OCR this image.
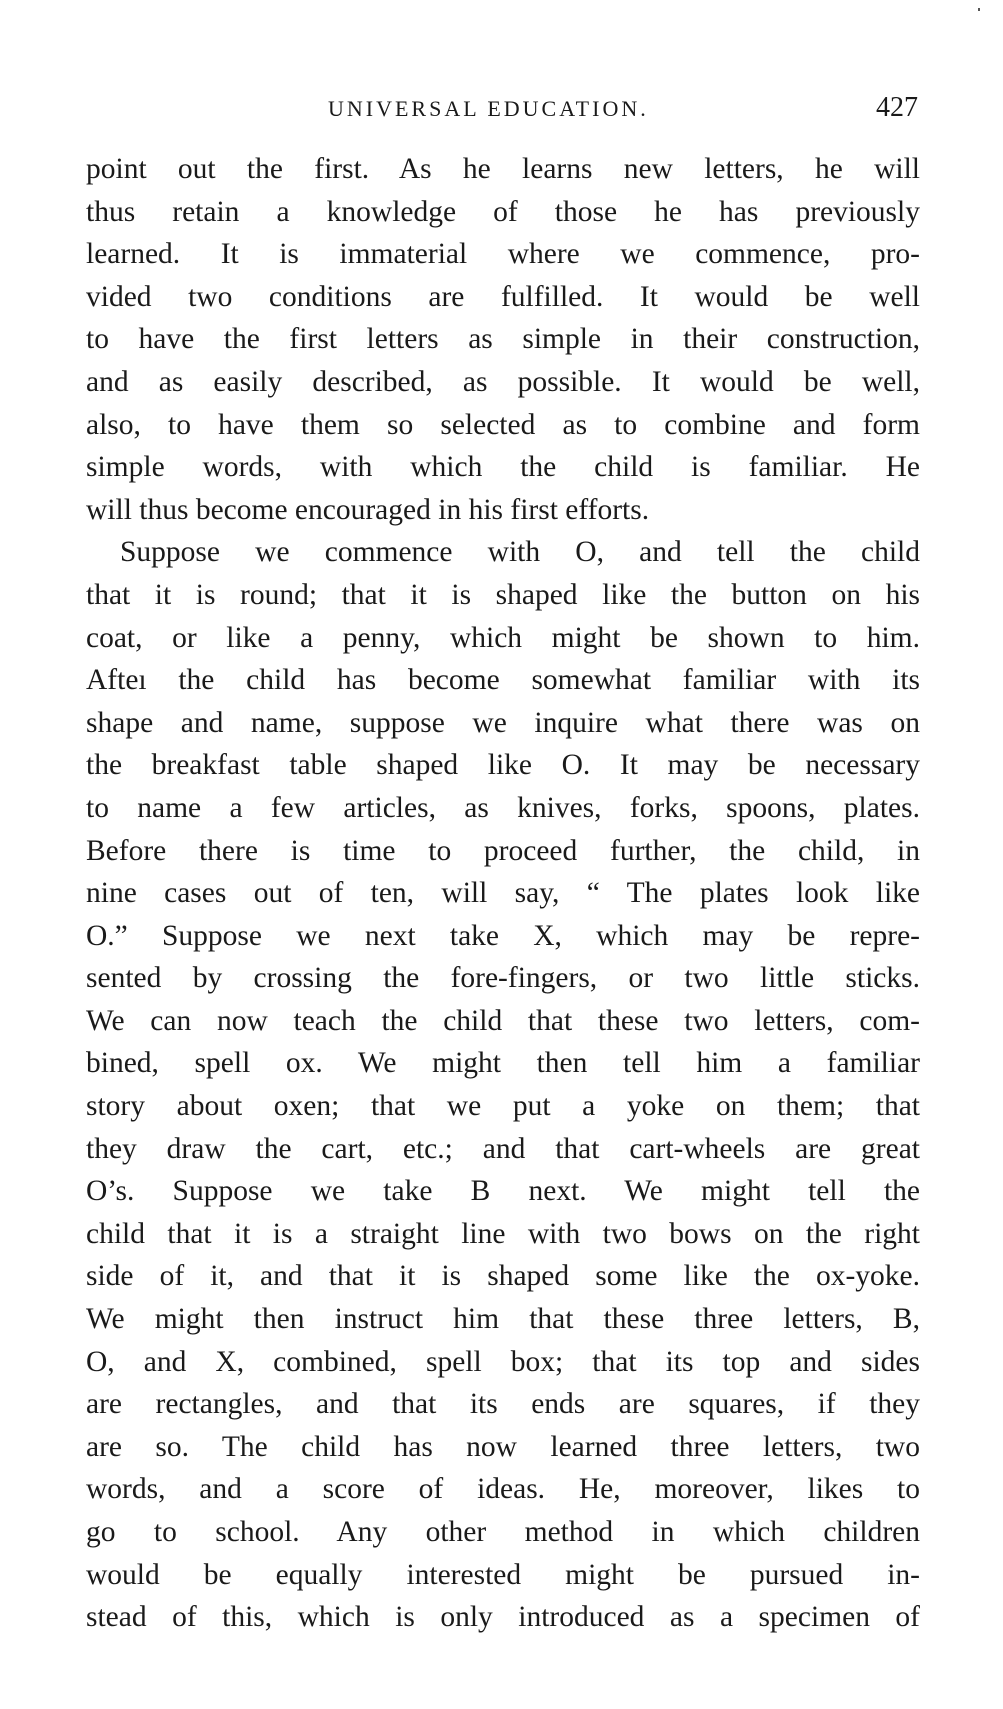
UNIVERSAL EDUCATION.	427
point out the first. As he learns new letters, he will
thus retain a knowledge of those he has previously
learned. It is immaterial where we commence, pro-
vided two conditions are fulfilled. It would be well
to have the first letters as simple in their construction,
and as easily described, as possible. It would be well,
also, to have them so selected as to combine and form
simple words, with which the child is familiar. He
will thus become encouraged in his first efforts.
Suppose we commence with O, and tell the child
that it is round; that it is shaped like the button on his
coat, or like a penny, which might be shown to him.
Afteı the child has become somewhat familiar with its
shape and name, suppose we inquire what there was on
the breakfast table shaped like O. It may be necessary
to name a few articles, as knives, forks, spoons, plates.
Before there is time to proceed further, the child, in
nine cases out of ten, will say, “ The plates look like
O.” Suppose we next take X, which may be repre-
sented by crossing the fore-fingers, or two little sticks.
We can now teach the child that these two letters, com-
bined, spell ox. We might then tell him a familiar
story about oxen; that we put a yoke on them; that
they draw the cart, etc.; and that cart-wheels are great
O’s. Suppose we take B next. We might tell the
child that it is a straight line with two bows on the right
side of it, and that it is shaped some like the ox-yoke.
We might then instruct him that these three letters, B,
O, and X, combined, spell box; that its top and sides
are rectangles, and that its ends are squares, if they
are so. The child has now learned three letters, two
words, and a score of ideas. He, moreover, likes to
go to school. Any other method in which children
would be equally interested might be pursued in-
stead of this, which is only introduced as a specimen of
